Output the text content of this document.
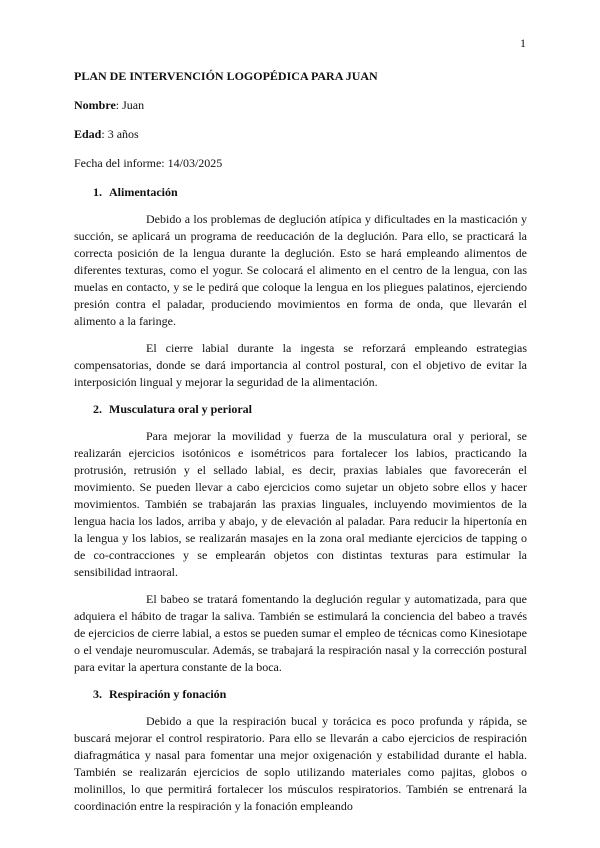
1
PLAN DE INTERVENCIÓN LOGOPÉDICA PARA JUAN
Nombre: Juan
Edad: 3 años
Fecha del informe: 14/03/2025
1. Alimentación

Debido a los problemas de deglución atípica y dificultades en la masticación y succión, se aplicará un programa de reeducación de la deglución. Para ello, se practicará la correcta posición de la lengua durante la deglución. Esto se hará empleando alimentos de diferentes texturas, como el yogur. Se colocará el alimento en el centro de la lengua, con las muelas en contacto, y se le pedirá que coloque la lengua en los pliegues palatinos, ejerciendo presión contra el paladar, produciendo movimientos en forma de onda, que llevarán el alimento a la faringe.

El cierre labial durante la ingesta se reforzará empleando estrategias compensatorias, donde se dará importancia al control postural, con el objetivo de evitar la interposición lingual y mejorar la seguridad de la alimentación.

2. Musculatura oral y perioral

Para mejorar la movilidad y fuerza de la musculatura oral y perioral, se realizarán ejercicios isotónicos e isométricos para fortalecer los labios, practicando la protrusión, retrusión y el sellado labial, es decir, praxias labiales que favorecerán el movimiento. Se pueden llevar a cabo ejercicios como sujetar un objeto sobre ellos y hacer movimientos. También se trabajarán las praxias linguales, incluyendo movimientos de la lengua hacia los lados, arriba y abajo, y de elevación al paladar. Para reducir la hipertonía en la lengua y los labios, se realizarán masajes en la zona oral mediante ejercicios de tapping o de co-contracciones y se emplearán objetos con distintas texturas para estimular la sensibilidad intraoral.

El babeo se tratará fomentando la deglución regular y automatizada, para que adquiera el hábito de tragar la saliva. También se estimulará la conciencia del babeo a través de ejercicios de cierre labial, a estos se pueden sumar el empleo de técnicas como Kinesiotape o el vendaje neuromuscular. Además, se trabajará la respiración nasal y la corrección postural para evitar la apertura constante de la boca.

3. Respiración y fonación

Debido a que la respiración bucal y torácica es poco profunda y rápida, se buscará mejorar el control respiratorio. Para ello se llevarán a cabo ejercicios de respiración diafragmática y nasal para fomentar una mejor oxigenación y estabilidad durante el habla. También se realizarán ejercicios de soplo utilizando materiales como pajitas, globos o molinillos, lo que permitirá fortalecer los músculos respiratorios. También se entrenará la coordinación entre la respiración y la fonación empleando
